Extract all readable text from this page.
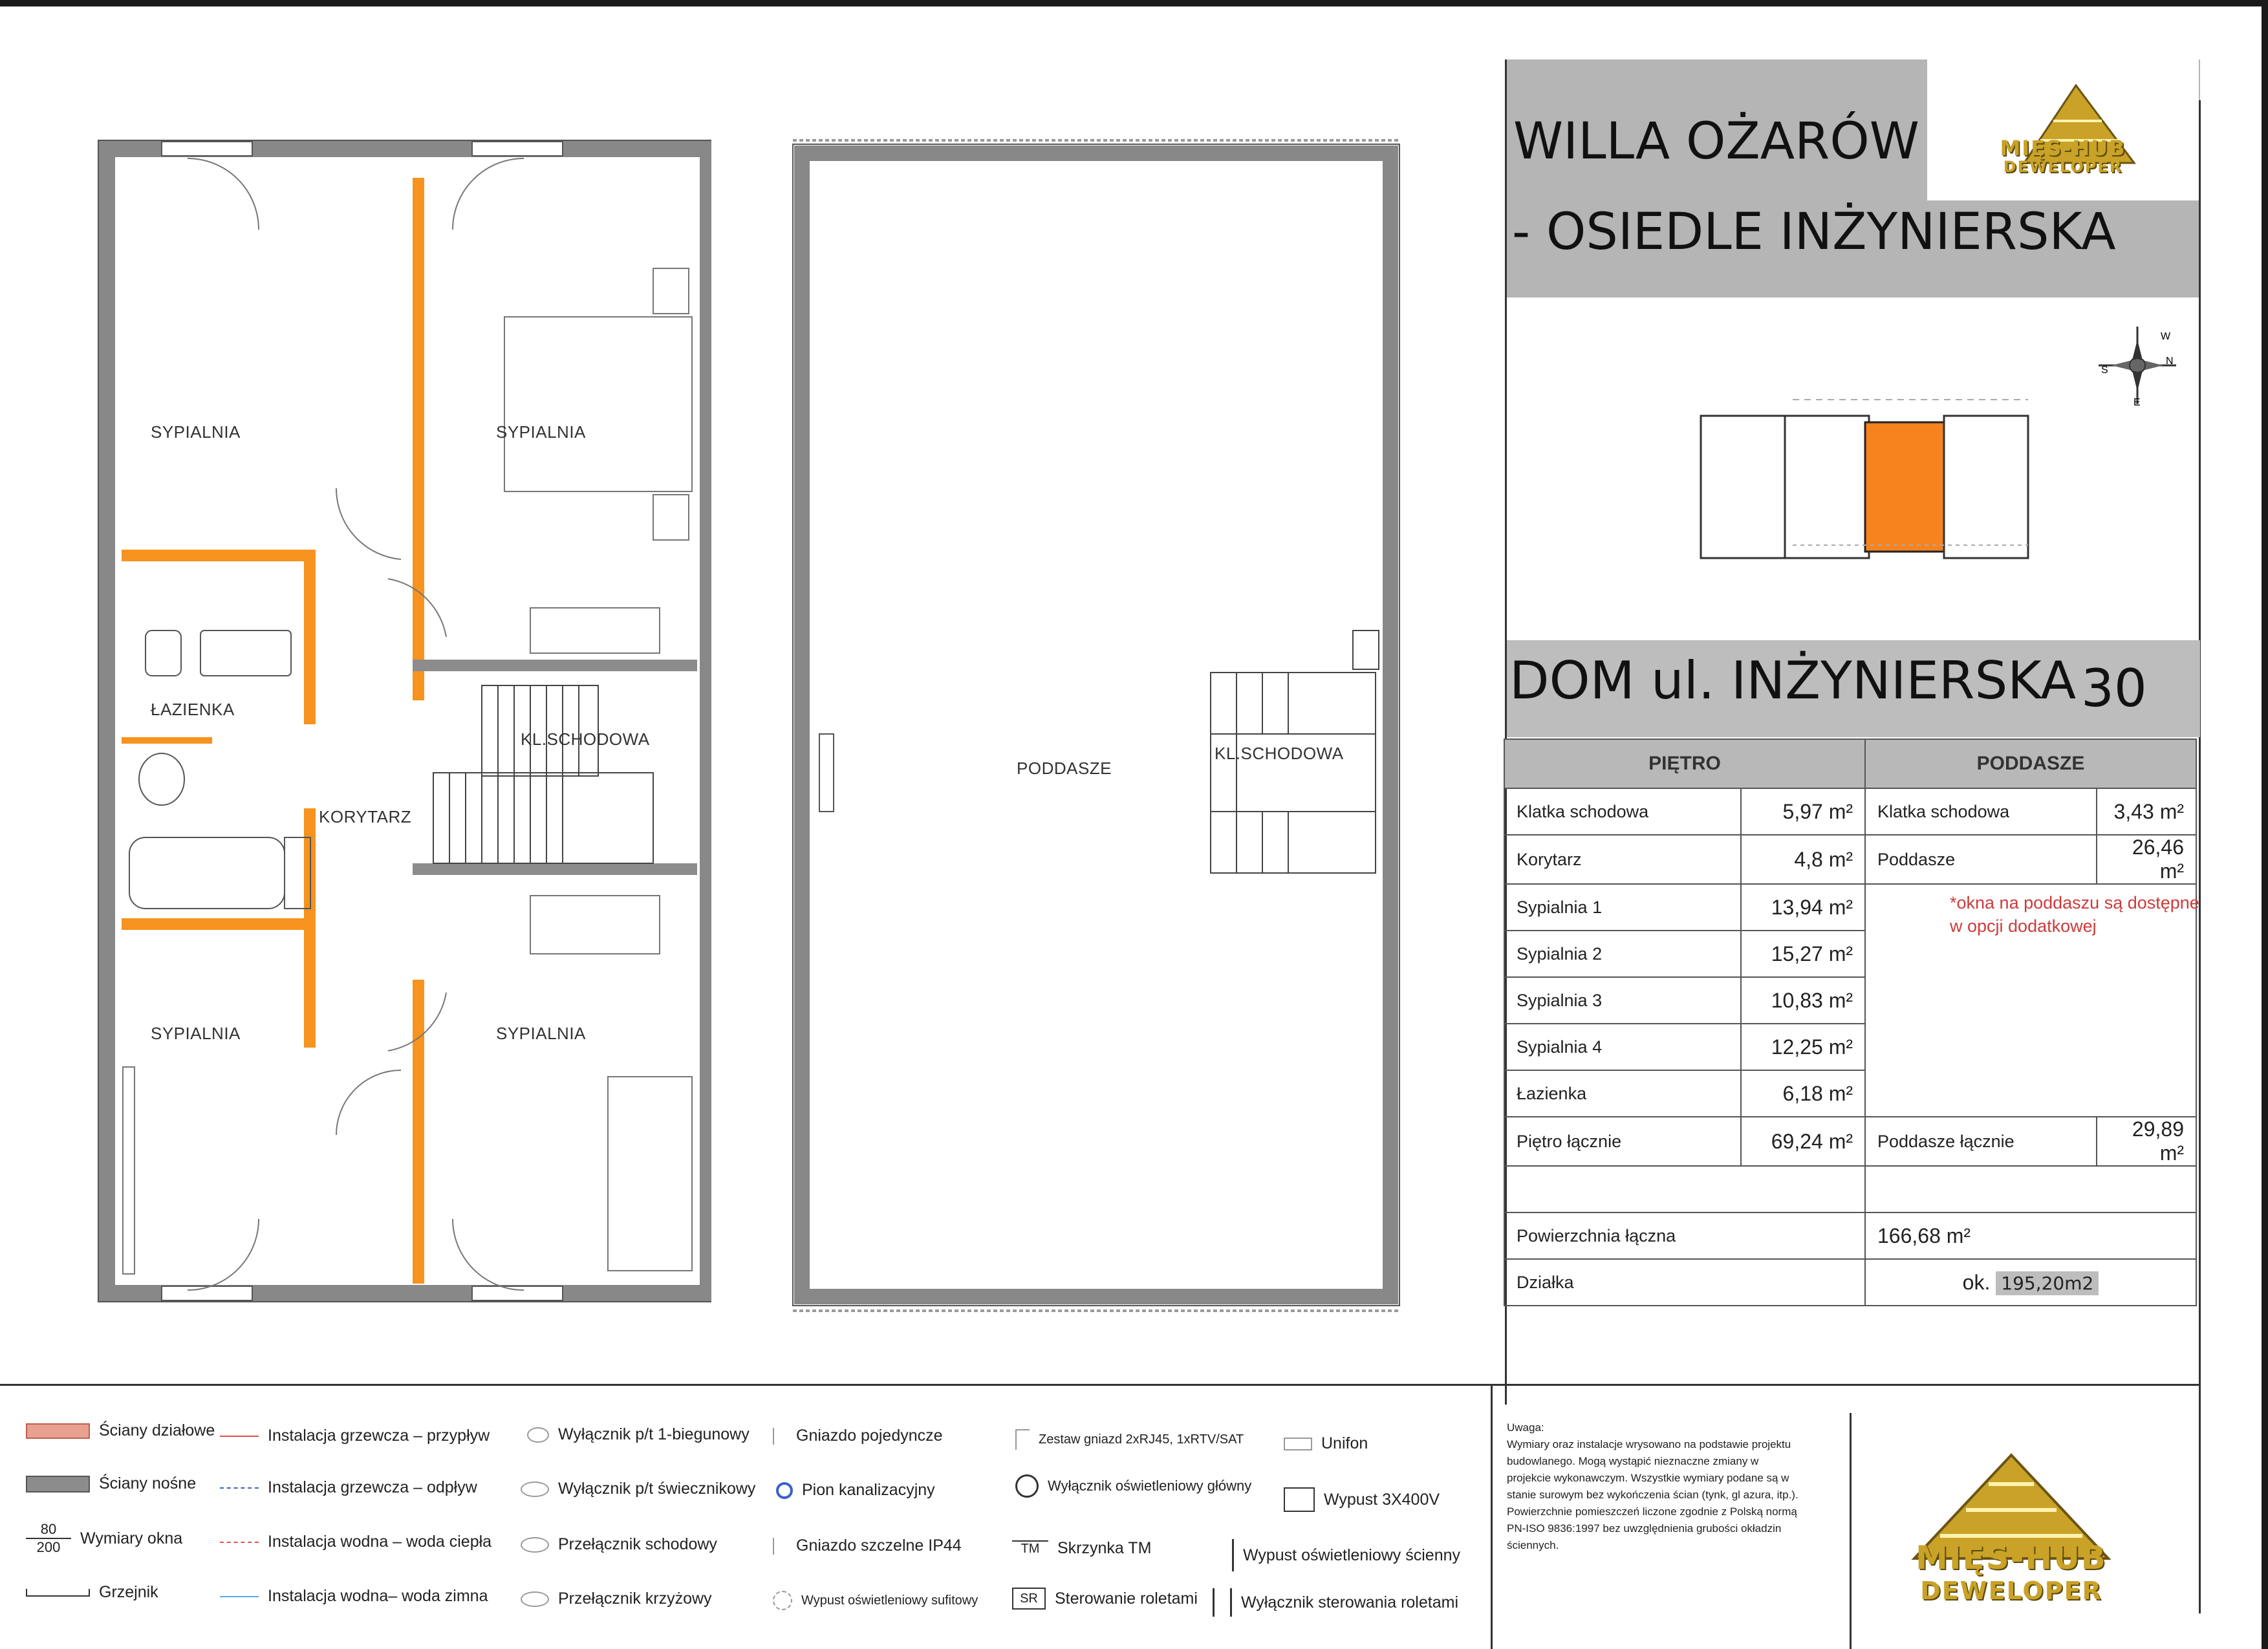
SYPIALNIA	SYPIALNIA
ŁAZIENKA
KL.SCHODOWA
KORYTARZ
SYPIALNIA	SYPIALNIA
PODDASZE
KL.SCHODOWA
WILLA OŻARÓW
- OSIEDLE INŻYNIERSKA
MIĘS-HUB
DEWELOPER
W
N
S
E
DOM ul. INŻYNIERSKA 30
PIĘTRO		PODDASZE	
Klatka schodowa	5,97 m²	Klatka schodowa	3,43 m²
Korytarz	4,8 m²	Poddasze	26,46 m²
Sypialnia 1	13,94 m²	*okna na poddaszu są dostępne w opcji dodatkowej	

Sypialnia 2	15,27 m²		
Sypialnia 3	10,83 m²		
Sypialnia 4	12,25 m²		
Łazienka	6,18 m²		
Piętro łącznie	69,24 m²	Poddasze łącznie	29,89 m²

Powierzchnia łączna		166,68 m²	
Działka		ok. 195,20m2	
Ściany działowe
Ściany nośne
80
200	Wymiary okna
Grzejnik
Instalacja grzewcza – przypływ
Instalacja grzewcza – odpływ
Instalacja wodna – woda ciepła
Instalacja wodna– woda zimna
Wyłącznik p/t 1-biegunowy
Wyłącznik p/t świecznikowy
Przełącznik schodowy
Przełącznik krzyżowy
Gniazdo pojedyncze
Pion kanalizacyjny
Gniazdo szczelne IP44
Wypust oświetleniowy sufitowy
Zestaw gniazd 2xRJ45, 1xRTV/SAT
Wyłącznik oświetleniowy główny
TM	Skrzynka TM
SR	Sterowanie roletami
Unifon
Wypust 3X400V
Wypust oświetleniowy ścienny
Wyłącznik sterowania roletami
Uwaga:
Wymiary oraz instalacje wrysowano na podstawie projektu budowlanego. Mogą wystąpić nieznaczne zmiany w projekcie wykonawczym. Wszystkie wymiary podane są w stanie surowym bez wykończenia ścian (tynk, gl azura, itp.). Powierzchnie pomieszczeń liczone zgodnie z Polską normą PN-ISO 9836:1997 bez uwzględnienia grubości okładzin ściennych.	MIĘS-HUB
DEWELOPER
